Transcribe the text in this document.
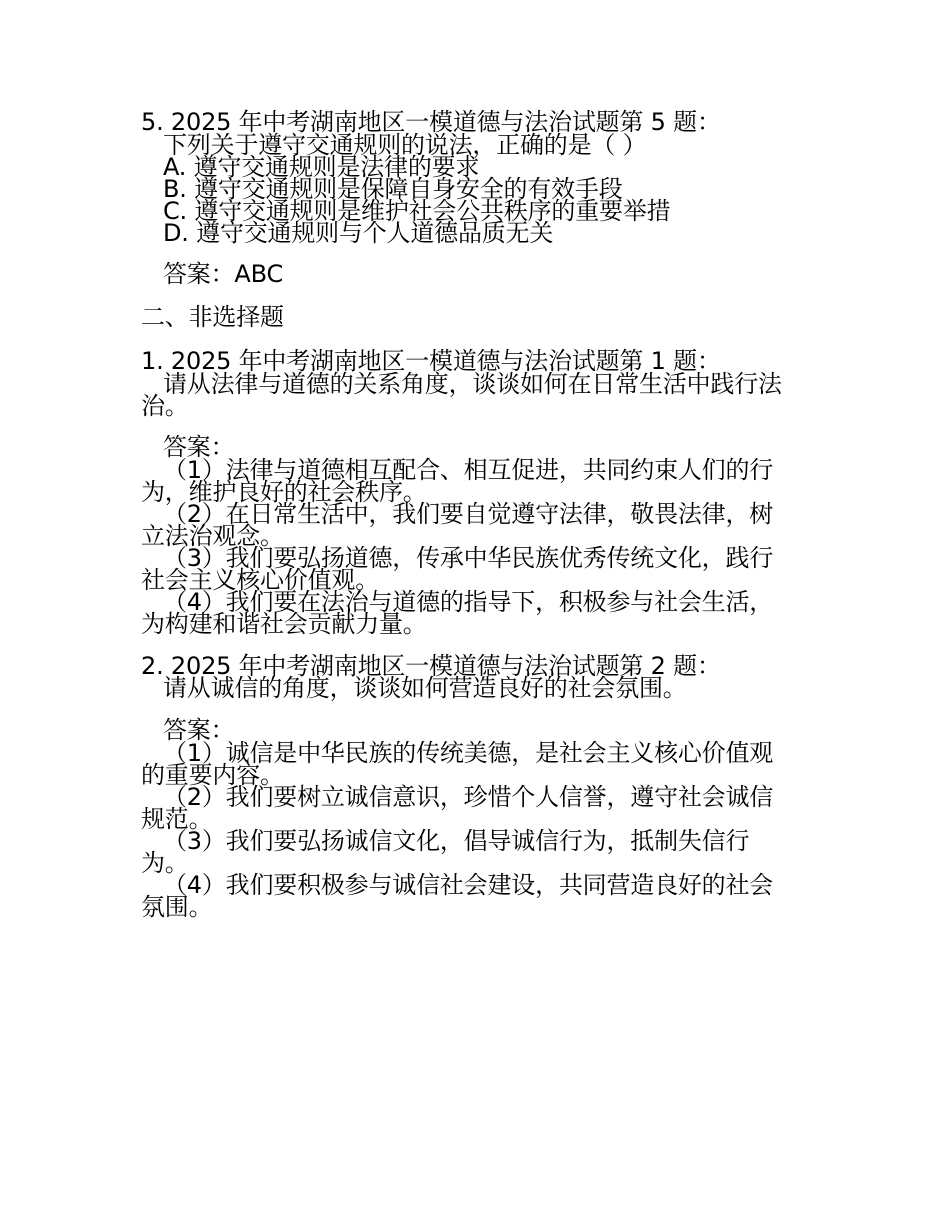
5. 2025 年中考湖南地区一模道德与法治试题第 5 题：

下列关于遵守交通规则的说法，正确的是（ ）

A. 遵守交通规则是法律的要求

B. 遵守交通规则是保障自身安全的有效手段

C. 遵守交通规则是维护社会公共秩序的重要举措

D. 遵守交通规则与个人道德品质无关

答案：ABC

二、非选择题

1. 2025 年中考湖南地区一模道德与法治试题第 1 题：

请从法律与道德的关系角度，谈谈如何在日常生活中践行法

治。

答案：

（1）法律与道德相互配合、相互促进，共同约束人们的行

为，维护良好的社会秩序。

（2）在日常生活中，我们要自觉遵守法律，敬畏法律，树

立法治观念。

（3）我们要弘扬道德，传承中华民族优秀传统文化，践行

社会主义核心价值观。

（4）我们要在法治与道德的指导下，积极参与社会生活，

为构建和谐社会贡献力量。

2. 2025 年中考湖南地区一模道德与法治试题第 2 题：

请从诚信的角度，谈谈如何营造良好的社会氛围。

答案：

（1）诚信是中华民族的传统美德，是社会主义核心价值观

的重要内容。

（2）我们要树立诚信意识，珍惜个人信誉，遵守社会诚信

规范。

（3）我们要弘扬诚信文化，倡导诚信行为，抵制失信行

为。

（4）我们要积极参与诚信社会建设，共同营造良好的社会

氛围。
